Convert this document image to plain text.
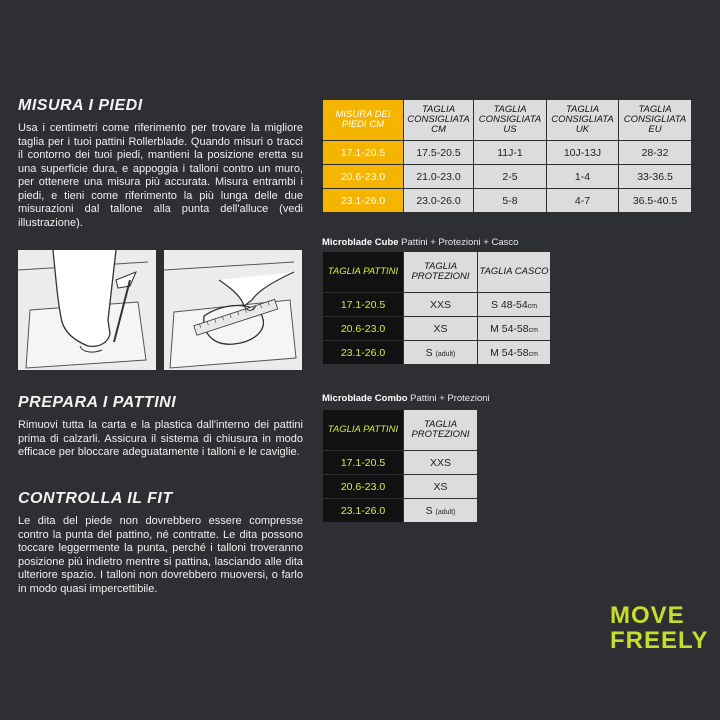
MISURA I PIEDI

Usa i centimetri come riferimento per trovare la migliore taglia per i tuoi pattini Rollerblade. Quando misuri o tracci il contorno dei tuoi piedi, mantieni la posizione eretta su una superficie dura, e appoggia i talloni contro un muro, per ottenere una misura più accurata. Misura entrambi i piedi, e tieni come riferimento la più lunga delle due misurazioni dal tallone alla punta dell'alluce (vedi illustrazione).

PREPARA I PATTINI

Rimuovi tutta la carta e la plastica dall'interno dei pattini prima di calzarli. Assicura il sistema di chiusura in modo efficace per bloccare adeguatamente i talloni e le caviglie.

CONTROLLA IL FIT

Le dita del piede non dovrebbero essere compresse contro la punta del pattino, né contratte. Le dita possono toccare leggermente la punta, perché i talloni troveranno posizione più indietro mentre si pattina, lasciando alle dita ulteriore spazio. I talloni non dovrebbero muoversi, o farlo in modo quasi impercettibile.

MISURA DEI PIEDI CM	TAGLIA CONSIGLIATA CM	TAGLIA CONSIGLIATA US	TAGLIA CONSIGLIATA UK	TAGLIA CONSIGLIATA EU
17.1-20.5	17.5-20.5	11J-1	10J-13J	28-32
20.6-23.0	21.0-23.0	2-5	1-4	33-36.5
23.1-26.0	23.0-26.0	5-8	4-7	36.5-40.5
Microblade Cube Pattini + Protezioni + Casco
TAGLIA PATTINI	TAGLIA PROTEZIONI	TAGLIA CASCO
17.1-20.5	XXS	S 48-54cm
20.6-23.0	XS	M 54-58cm
23.1-26.0	S (adult)	M 54-58cm
Microblade Combo Pattini + Protezioni
TAGLIA PATTINI	TAGLIA PROTEZIONI
17.1-20.5	XXS
20.6-23.0	XS
23.1-26.0	S (adult)
MOVE
FREELY
